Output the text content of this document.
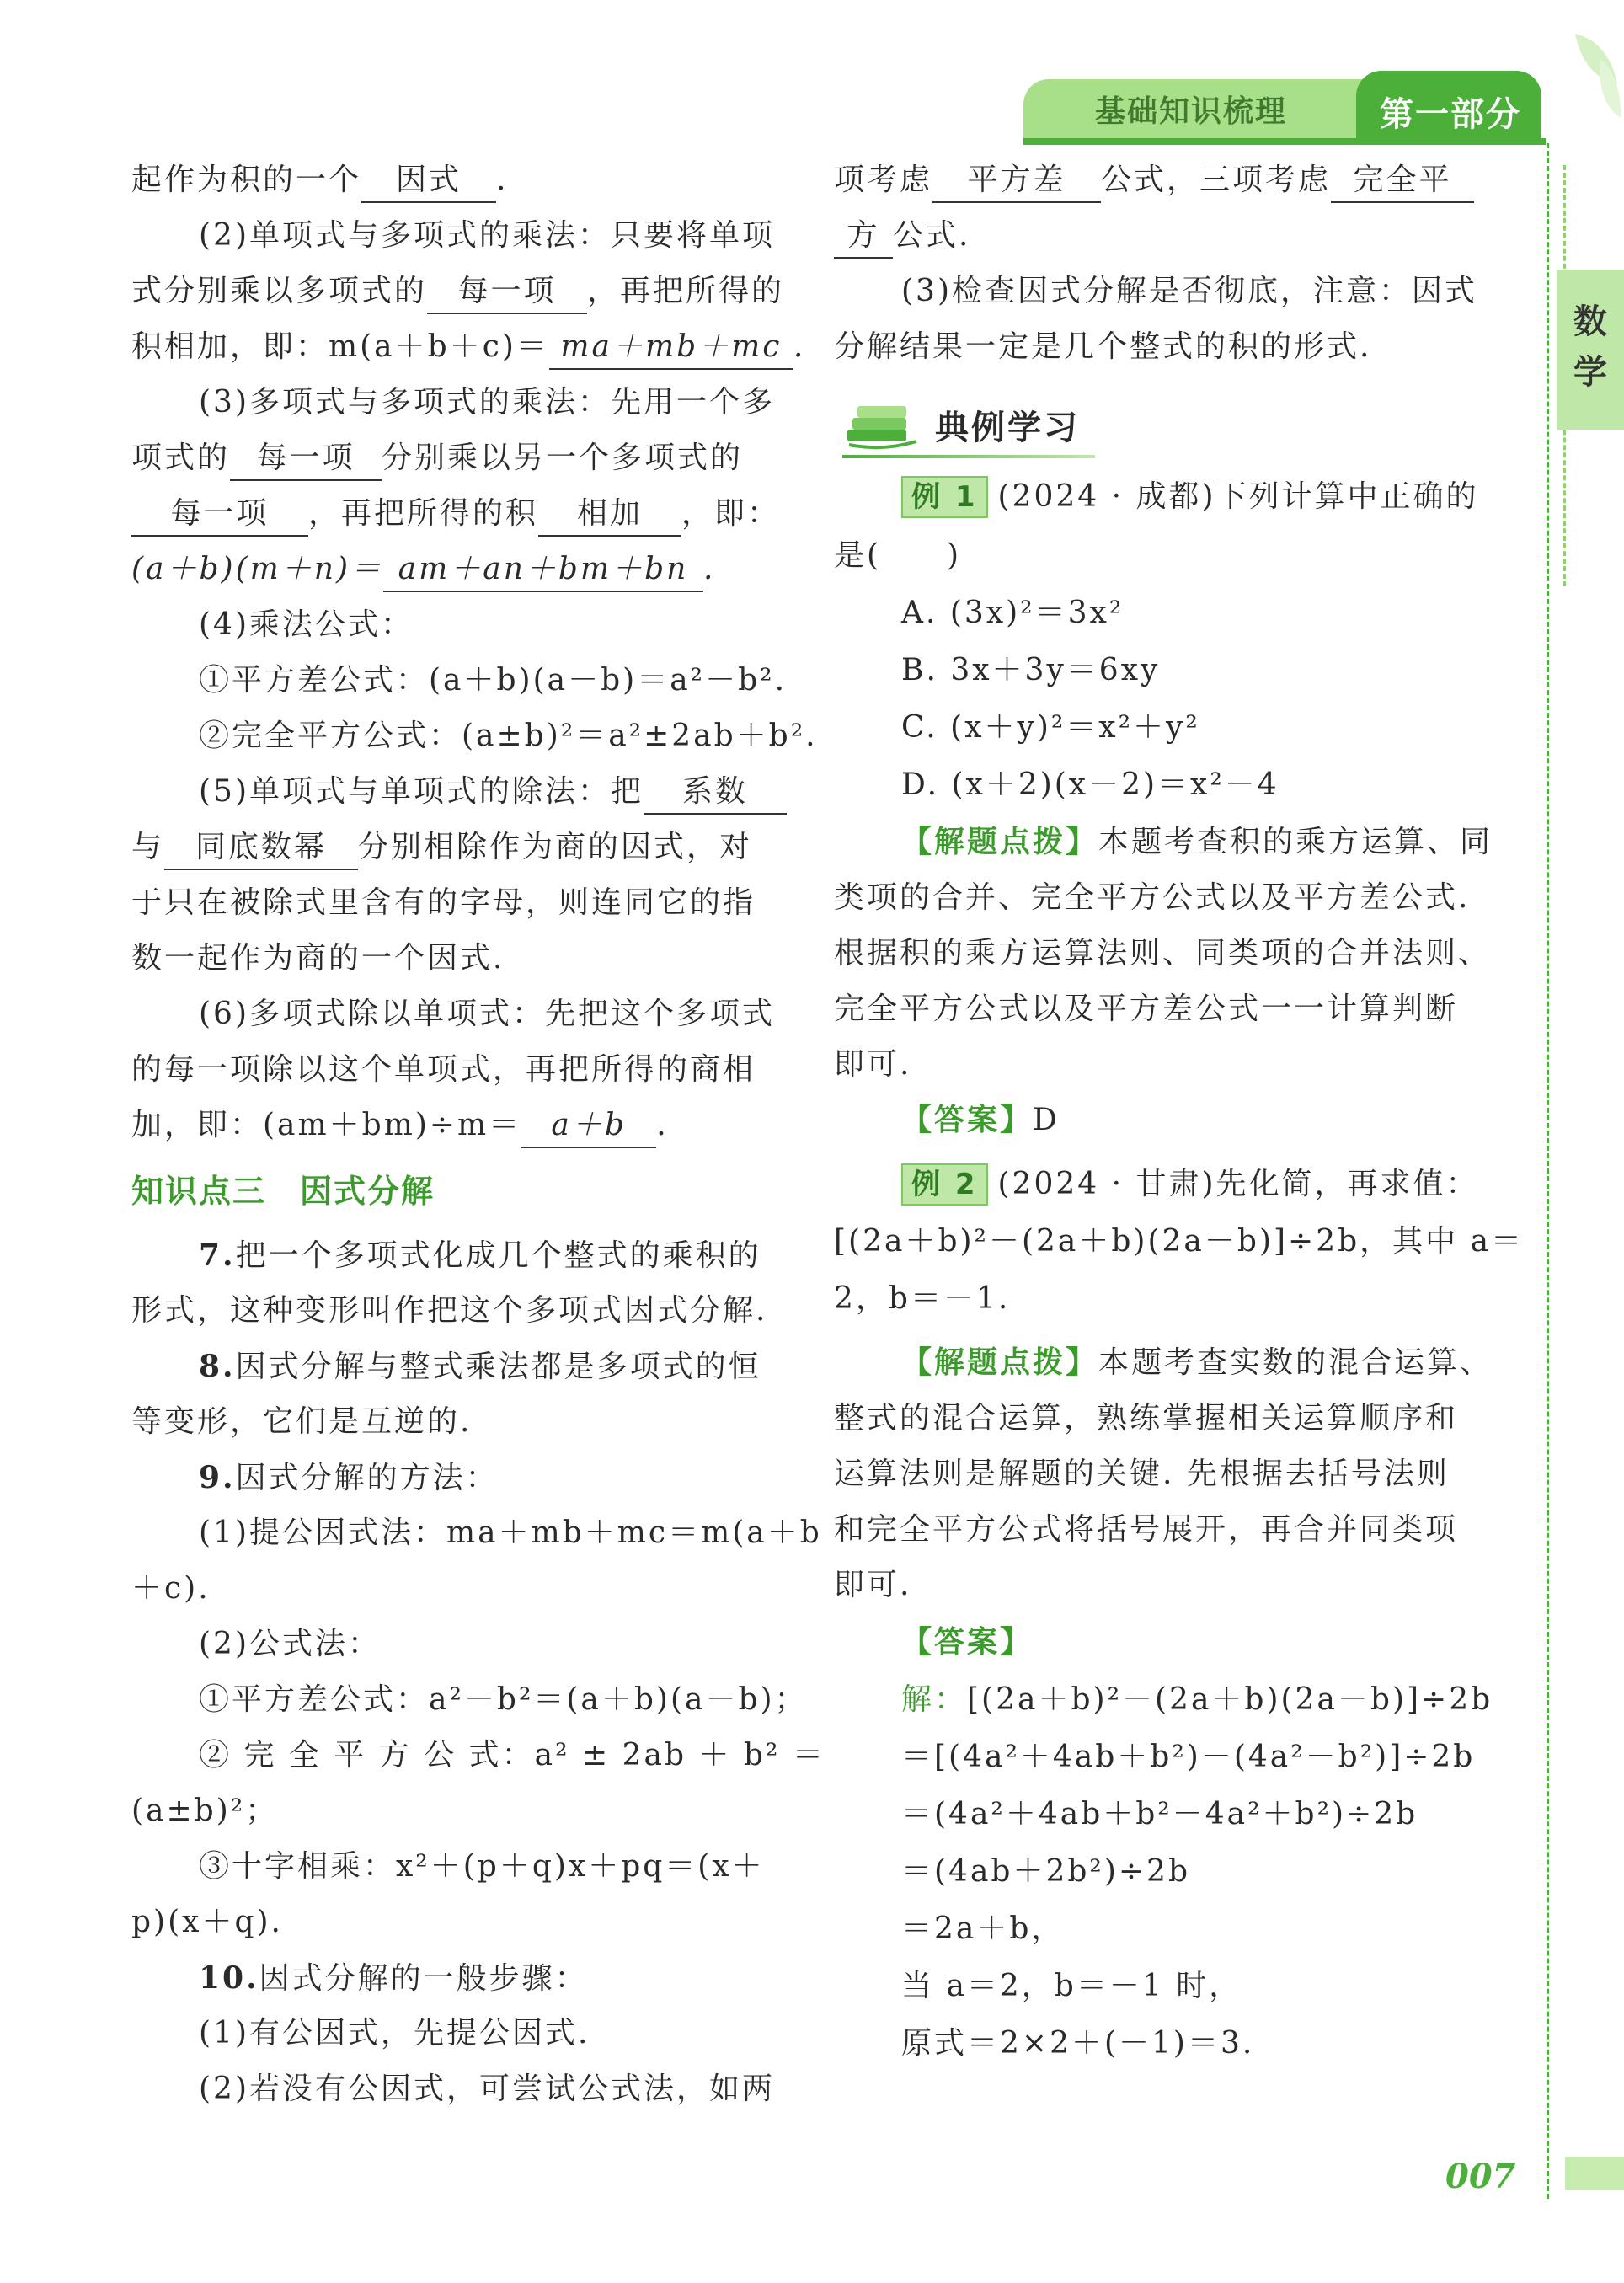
基础知识梳理	第一部分
数学
007
起作为积的一个 因式 .
(2)单项式与多项式的乘法：只要将单项
式分别乘以多项式的 每一项 ，再把所得的
积相加，即：m(a＋b＋c)＝ ma＋mb＋mc .
(3)多项式与多项式的乘法：先用一个多
项式的 每一项 分别乘以另一个多项式的
每一项 ，再把所得的积 相加 ，即：
(a＋b)(m＋n)＝ am＋an＋bm＋bn .
(4)乘法公式：
①平方差公式：(a＋b)(a－b)＝a²－b².
②完全平方公式：(a±b)²＝a²±2ab＋b².
(5)单项式与单项式的除法：把 系数
与 同底数幂 分别相除作为商的因式，对
于只在被除式里含有的字母，则连同它的指
数一起作为商的一个因式.
(6)多项式除以单项式：先把这个多项式
的每一项除以这个单项式，再把所得的商相
加，即：(am＋bm)÷m＝ a＋b .
知识点三　因式分解
7.把一个多项式化成几个整式的乘积的
形式，这种变形叫作把这个多项式因式分解.
8.因式分解与整式乘法都是多项式的恒
等变形，它们是互逆的.
9.因式分解的方法：
(1)提公因式法：ma＋mb＋mc＝m(a＋b
＋c).
(2)公式法：
①平方差公式：a²－b²＝(a＋b)(a－b)；
② 完 全 平 方 公 式：a² ± 2ab ＋ b² ＝
(a±b)²；
③十字相乘：x²＋(p＋q)x＋pq＝(x＋
p)(x＋q).
10.因式分解的一般步骤：
(1)有公因式，先提公因式.
(2)若没有公因式，可尝试公式法，如两
项考虑 平方差 公式，三项考虑 完全平
方 公式.
(3)检查因式分解是否彻底，注意：因式
分解结果一定是几个整式的积的形式.
典例学习
例 1 (2024 · 成都)下列计算中正确的
是(　　)
A. (3x)²＝3x²
B. 3x＋3y＝6xy
C. (x＋y)²＝x²＋y²
D. (x＋2)(x－2)＝x²－4
【解题点拨】本题考查积的乘方运算、同
类项的合并、完全平方公式以及平方差公式.
根据积的乘方运算法则、同类项的合并法则、
完全平方公式以及平方差公式一一计算判断
即可.
【答案】D
例 2 (2024 · 甘肃)先化简，再求值：
[(2a＋b)²－(2a＋b)(2a－b)]÷2b，其中 a＝
2，b＝－1.
【解题点拨】本题考查实数的混合运算、
整式的混合运算，熟练掌握相关运算顺序和
运算法则是解题的关键. 先根据去括号法则
和完全平方公式将括号展开，再合并同类项
即可.
【答案】
解：[(2a＋b)²－(2a＋b)(2a－b)]÷2b
＝[(4a²＋4ab＋b²)－(4a²－b²)]÷2b
＝(4a²＋4ab＋b²－4a²＋b²)÷2b
＝(4ab＋2b²)÷2b
＝2a＋b，
当 a＝2，b＝－1 时，
原式＝2×2＋(－1)＝3.
